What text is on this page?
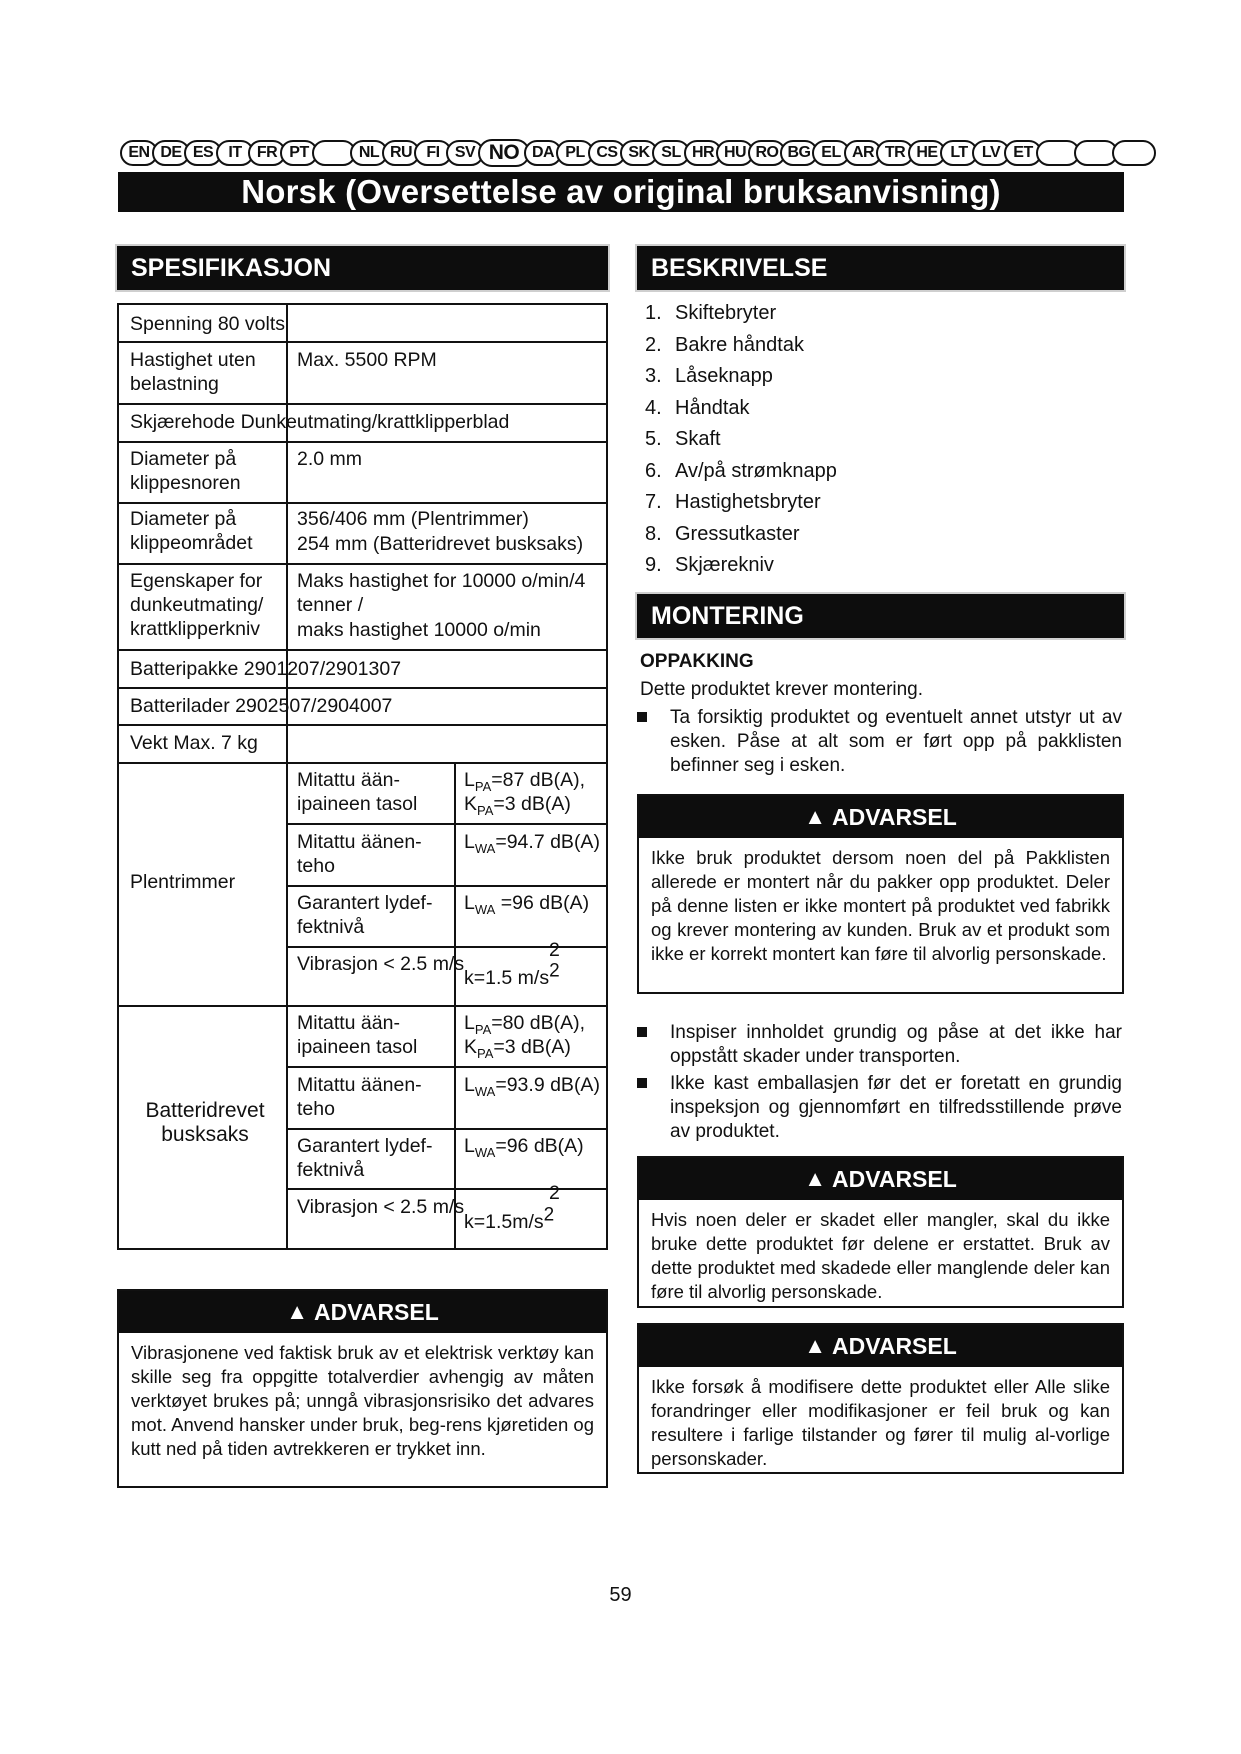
EN DE ES IT FR PT	NL RU FI SV NO DA PL CS SK SL HR HU RO BG EL AR TR HE LT LV ET
Norsk (Oversettelse av original bruksanvisning)
SPESIFIKASJON
Spenning 80 volts
Hastighet uten belastning
Max. 5500 RPM
Skjærehode Dunkeutmating/krattklipperblad
Diameter på klippesnoren
2.0 mm
Diameter på klippeområdet
356/406 mm (Plentrimmer)
254 mm (Batteridrevet busksaks)
Egenskaper for dunkeutmating/ krattklipperkniv
Maks hastighet for 10000 o/min/4 tenner /
maks hastighet 10000 o/min
Batteripakke 2901207/2901307
Batterilader 2902507/2904007
Vekt Max. 7 kg
Plentrimmer
Mitattu ään-ipaineen tasol
$L_{PA}=87$ dB(A),
$K_{PA}=3$ dB(A)
Mitattu äänen-teho
$L_{WA}=94.7$ dB(A)
Garantert lydef-fektnivå
$L_{WA} =96$ dB(A)
Vibrasjon < 2.5 m/s
2
k=1.5 $m/s^2$
Batteridrevet busksaks
Mitattu ään-ipaineen tasol
$L_{PA}=80$ dB(A),
$K_{PA}=3$ dB(A)
Mitattu äänen-teho
$L_{WA}=93.9$ dB(A)
Garantert lydef-fektnivå
$L_{WA}=96$ dB(A)
Vibrasjon < 2.5 m/s
2
$k=1.5m/s^2$
▲ ADVARSEL
Vibrasjonene ved faktisk bruk av et elektrisk verktøy kan skille seg fra oppgitte totalverdier avhengig av måten verktøyet brukes på; unngå vibrasjonsrisiko det advares mot. Anvend hansker under bruk, beg-rens kjøretiden og kutt ned på tiden avtrekkeren er trykket inn.
BESKRIVELSE
1. Skiftebryter
2. Bakre håndtak
3. Låseknapp
4. Håndtak
5. Skaft
6. Av/på strømknapp
7. Hastighetsbryter
8. Gressutkaster
9. Skjærekniv
MONTERING
OPPAKKING
Dette produktet krever montering.
Ta forsiktig produktet og eventuelt annet utstyr ut av esken. Påse at alt som er ført opp på pakklisten befinner seg i esken.
▲ ADVARSEL
Ikke bruk produktet dersom noen del på Pakklisten allerede er montert når du pakker opp produktet. Deler på denne listen er ikke montert på produktet ved fabrikk og krever montering av kunden. Bruk av et produkt som ikke er korrekt montert kan føre til alvorlig personskade.
Inspiser innholdet grundig og påse at det ikke har oppstått skader under transporten.
Ikke kast emballasjen før det er foretatt en grundig inspeksjon og gjennomført en tilfredsstillende prøve av produktet.
▲ ADVARSEL
Hvis noen deler er skadet eller mangler, skal du ikke bruke dette produktet før delene er erstattet. Bruk av dette produktet med skadede eller manglende deler kan føre til alvorlig personskade.
▲ ADVARSEL
Ikke forsøk å modifisere dette produktet eller Alle slike forandringer eller modifikasjoner er feil bruk og kan resultere i farlige tilstander og fører til mulig al-vorlige personskader.
59
